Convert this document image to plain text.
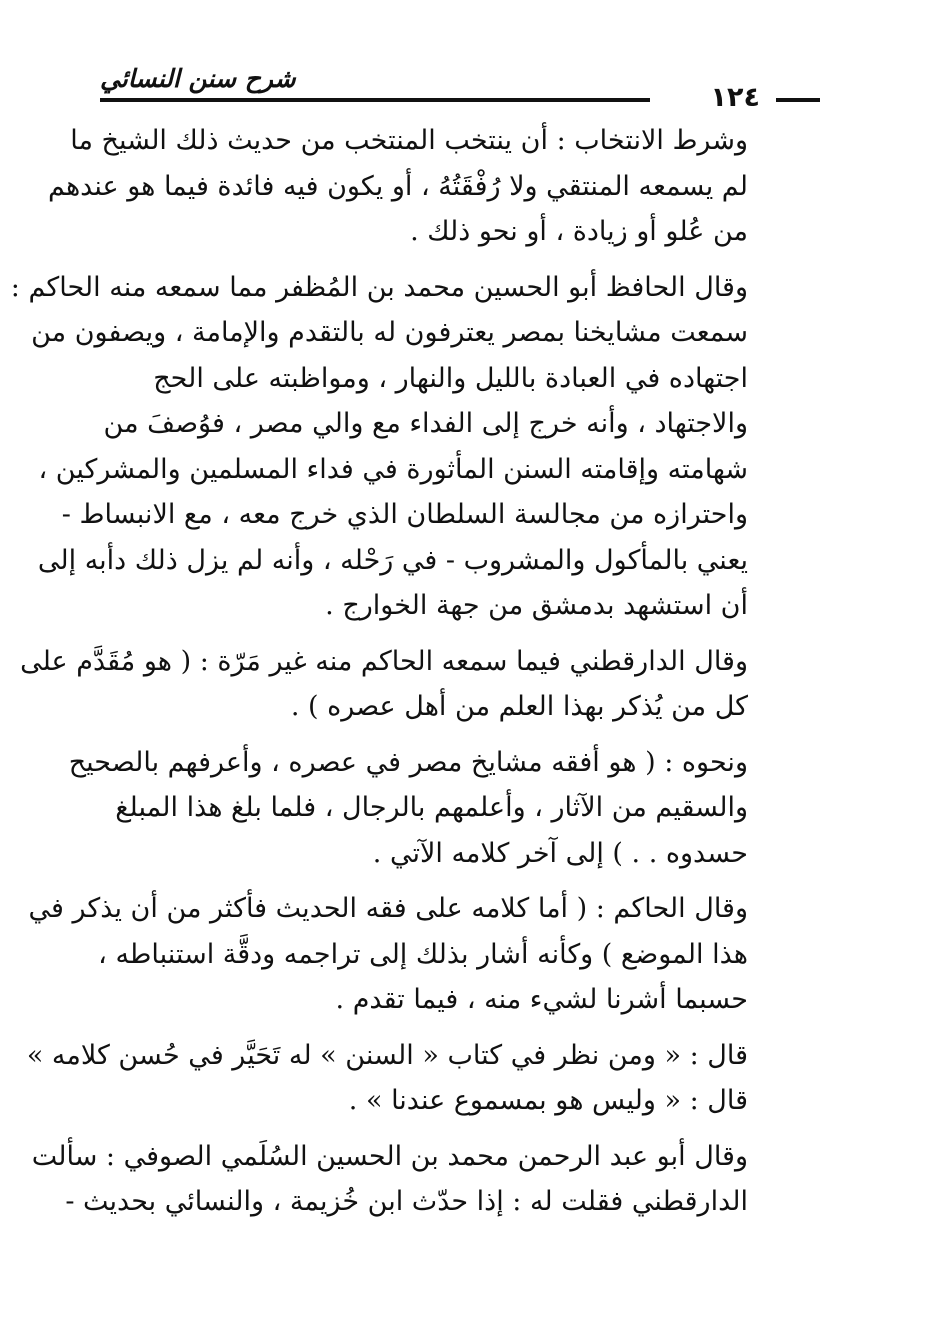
١٢٤
شرح سنن النسائي
وشرط الانتخاب : أن ينتخب المنتخب من حديث ذلك الشيخ ما
لم يسمعه المنتقي ولا رُفْقَتُهُ ، أو يكون فيه فائدة فيما هو عندهم
من عُلو أو زيادة ، أو نحو ذلك .
وقال الحافظ أبو الحسين محمد بن المُظفر مما سمعه منه الحاكم :
سمعت مشايخنا بمصر يعترفون له بالتقدم والإمامة ، ويصفون من
اجتهاده في العبادة بالليل والنهار ، ومواظبته على الحج
والاجتهاد ، وأنه خرج إلى الفداء مع والي مصر ، فوُصفَ من
شهامته وإقامته السنن المأثورة في فداء المسلمين والمشركين ،
واحترازه من مجالسة السلطان الذي خرج معه ، مع الانبساط -
يعني بالمأكول والمشروب - في رَحْله ، وأنه لم يزل ذلك دأبه إلى
أن استشهد بدمشق من جهة الخوارج .
وقال الدارقطني فيما سمعه الحاكم منه غير مَرّة : ( هو مُقَدَّم على
كل من يُذكر بهذا العلم من أهل عصره ) .
ونحوه : ( هو أفقه مشايخ مصر في عصره ، وأعرفهم بالصحيح
والسقيم من الآثار ، وأعلمهم بالرجال ، فلما بلغ هذا المبلغ
حسدوه . . ) إلى آخر كلامه الآتي .
وقال الحاكم : ( أما كلامه على فقه الحديث فأكثر من أن يذكر في
هذا الموضع ) وكأنه أشار بذلك إلى تراجمه ودقَّة استنباطه ،
حسبما أشرنا لشيء منه ، فيما تقدم .
قال : « ومن نظر في كتاب « السنن » له تَحَيَّر في حُسن كلامه »
قال : « وليس هو بمسموع عندنا » .
وقال أبو عبد الرحمن محمد بن الحسين السُلَمي الصوفي : سألت
الدارقطني فقلت له : إذا حدّث ابن خُزيمة ، والنسائي بحديث -
